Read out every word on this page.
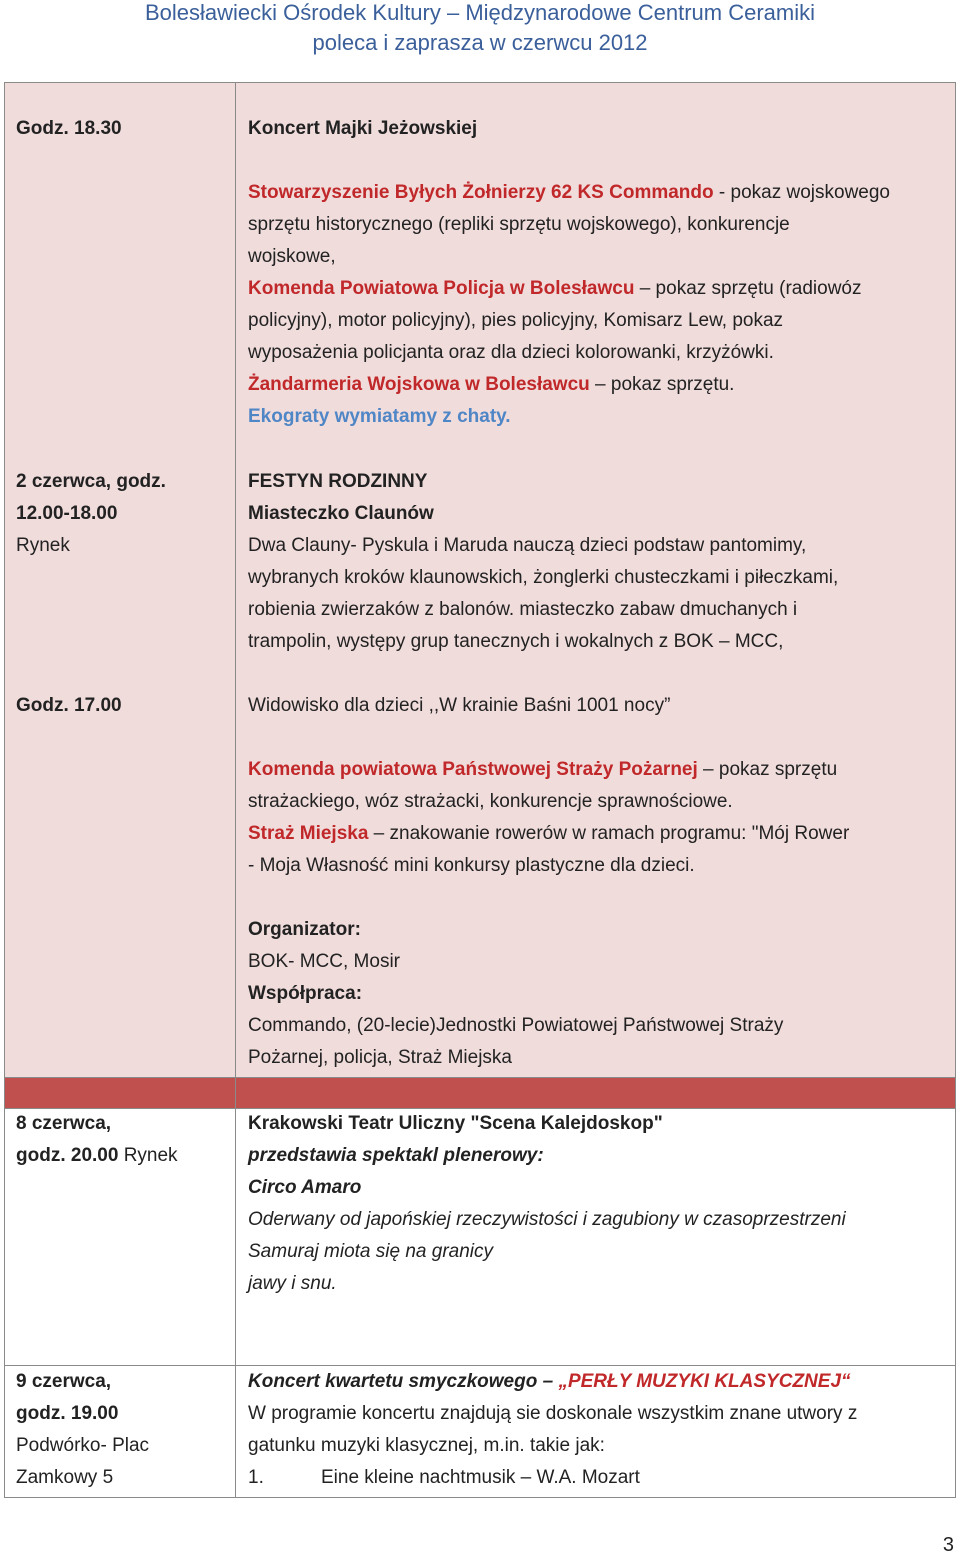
Bolesławiecki Ośrodek Kultury – Międzynarodowe Centrum Ceramiki
poleca i zaprasza w czerwcu 2012
Godz. 18.30
2 czerwca, godz.
12.00-18.00
Rynek
Godz. 17.00
Koncert Majki Jeżowskiej
Stowarzyszenie Byłych Żołnierzy 62 KS Commando - pokaz wojskowego
sprzętu historycznego (repliki sprzętu wojskowego), konkurencje
wojskowe,
Komenda Powiatowa Policja w Bolesławcu – pokaz sprzętu (radiowóz
policyjny), motor policyjny), pies policyjny, Komisarz Lew, pokaz
wyposażenia policjanta oraz dla dzieci kolorowanki, krzyżówki.
Żandarmeria Wojskowa w Bolesławcu – pokaz sprzętu.
Ekograty wymiatamy z chaty.
FESTYN RODZINNY
Miasteczko Claunów
Dwa Clauny- Pyskula i Maruda nauczą dzieci podstaw pantomimy,
wybranych kroków klaunowskich, żonglerki chusteczkami i piłeczkami,
robienia zwierzaków z balonów. miasteczko zabaw dmuchanych i
trampolin, występy grup tanecznych i wokalnych z BOK – MCC,
Widowisko dla dzieci ,,W krainie Baśni 1001 nocy”
Komenda powiatowa Państwowej Straży Pożarnej – pokaz sprzętu
strażackiego, wóz strażacki, konkurencje sprawnościowe.
Straż Miejska – znakowanie rowerów w ramach programu: "Mój Rower
- Moja Własność mini konkursy plastyczne dla dzieci.
Organizator:
BOK- MCC, Mosir
Współpraca:
Commando, (20-lecie)Jednostki Powiatowej Państwowej Straży
Pożarnej, policja, Straż Miejska
8 czerwca,
godz. 20.00 Rynek
Krakowski Teatr Uliczny "Scena Kalejdoskop"
przedstawia spektakl plenerowy:
Circo Amaro
Oderwany od japońskiej rzeczywistości i zagubiony w czasoprzestrzeni
Samuraj miota się na granicy
jawy i snu.
9 czerwca,
godz. 19.00
Podwórko- Plac
Zamkowy 5
Koncert kwartetu smyczkowego – „PERŁY MUZYKI KLASYCZNEJ“
W programie koncertu znajdują sie doskonale wszystkim znane utwory z
gatunku muzyki klasycznej, m.in. takie jak:
1.	Eine kleine nachtmusik – W.A. Mozart
3
